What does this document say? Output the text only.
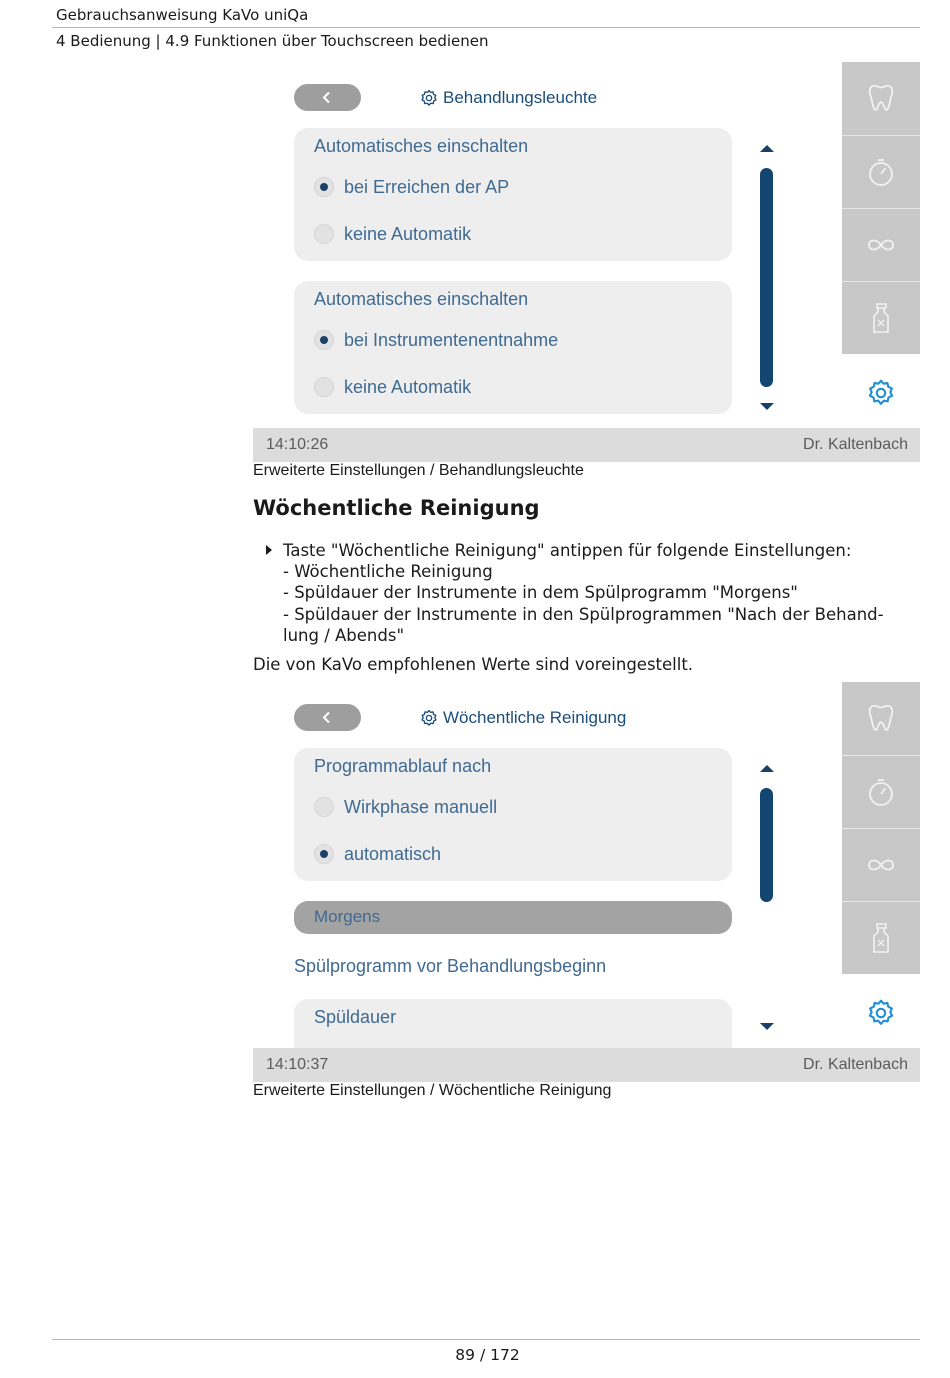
Gebrauchsanweisung KaVo uniQa
4 Bedienung | 4.9 Funktionen über Touchscreen bedienen
Behandlungsleuchte
Automatisches einschalten
bei Erreichen der AP
keine Automatik
Automatisches einschalten
bei Instrumentenentnahme
keine Automatik
14:10:26	Dr. Kaltenbach
Erweiterte Einstellungen / Behandlungsleuchte
Wöchentliche Reinigung
Taste "Wöchentliche Reinigung" antippen für folgende Einstellungen:
- Wöchentliche Reinigung
- Spüldauer der Instrumente in dem Spülprogramm "Morgens"
- Spüldauer der Instrumente in den Spülprogrammen "Nach der Behand-
lung / Abends"
Die von KaVo empfohlenen Werte sind voreingestellt.
Wöchentliche Reinigung
Programmablauf nach
Wirkphase manuell
automatisch
Morgens
Spülprogramm vor Behandlungsbeginn
Spüldauer
14:10:37	Dr. Kaltenbach
Erweiterte Einstellungen / Wöchentliche Reinigung
89 / 172
